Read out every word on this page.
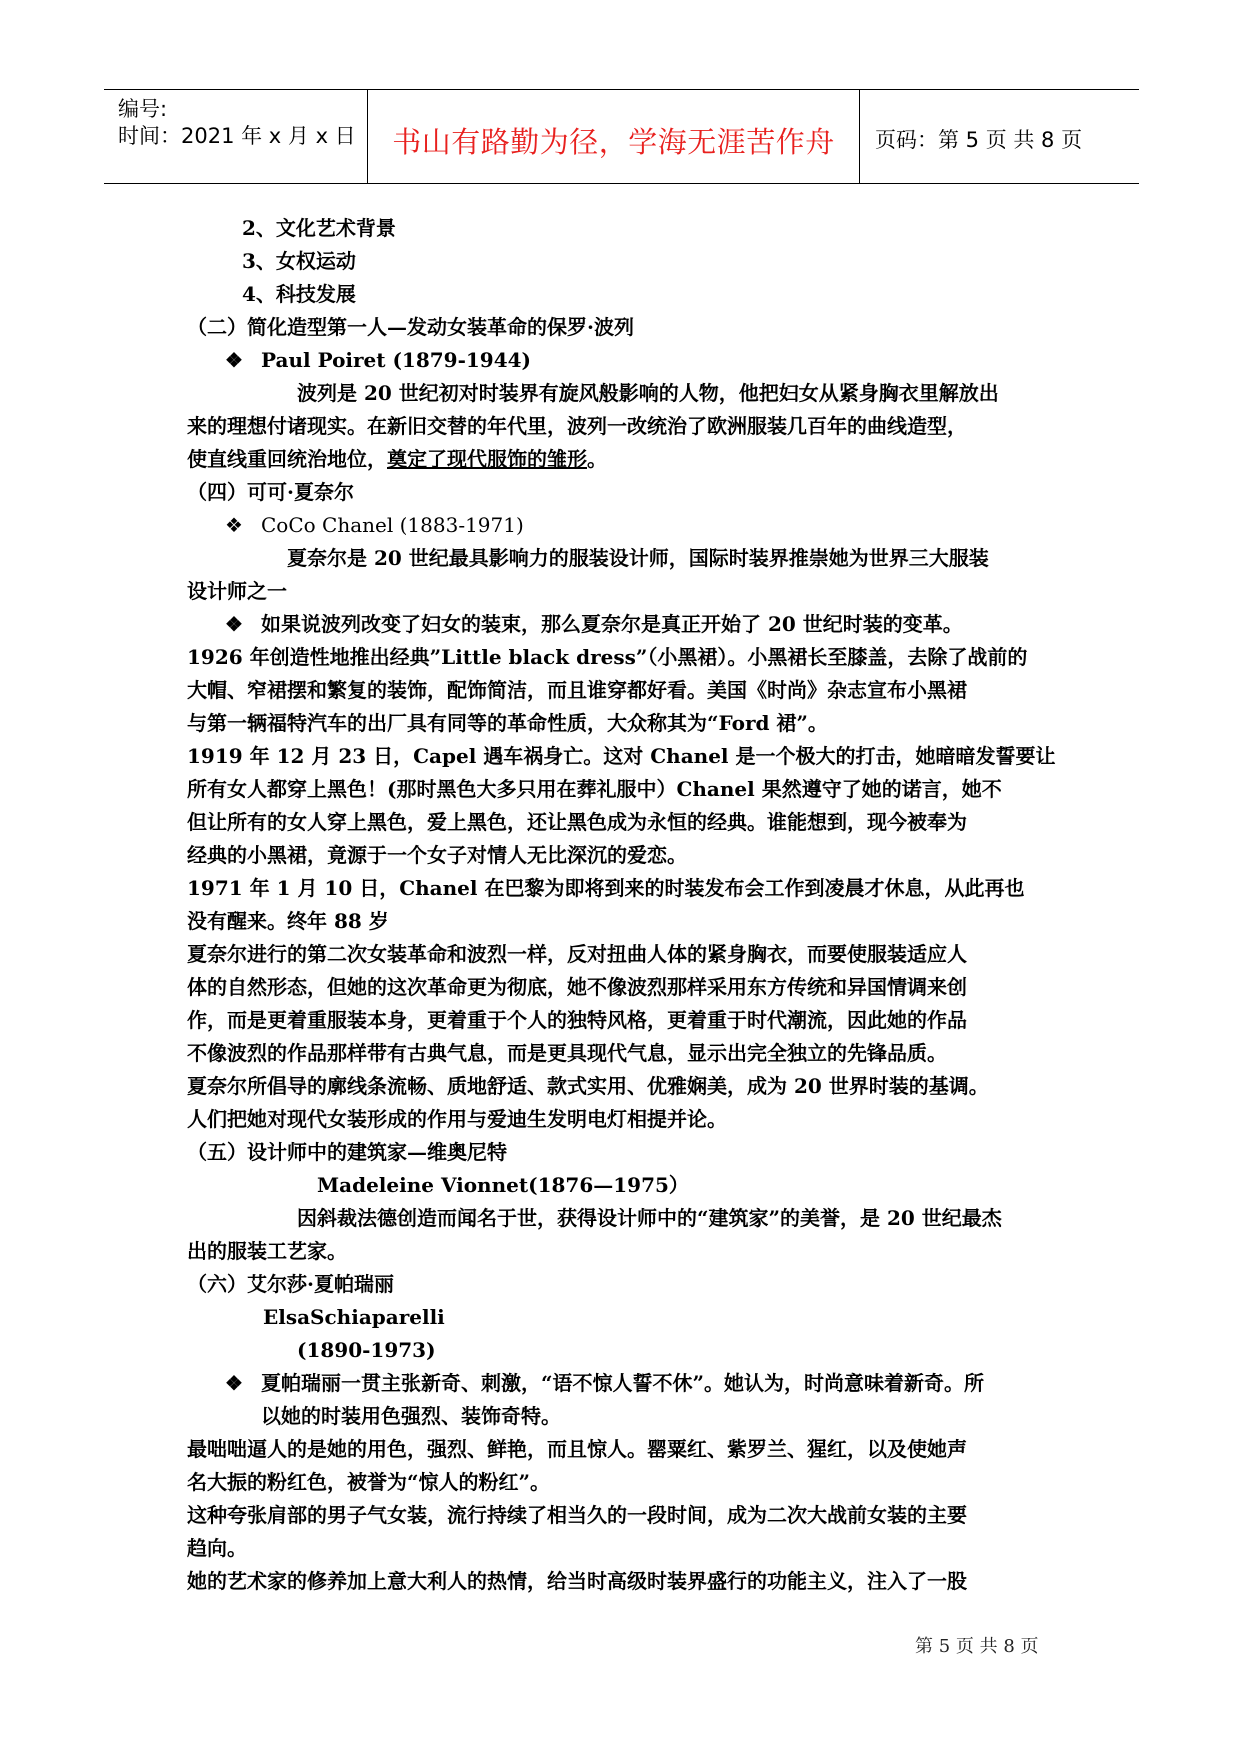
编号:
时间：2021 年 x 月 x 日	书山有路勤为径，学海无涯苦作舟	页码：第 5 页 共 8 页
2、文化艺术背景
3、女权运动
4、科技发展
（二）简化造型第一人—发动女装革命的保罗·波列
❖ Paul Poiret (1879-1944)
波列是 20 世纪初对时装界有旋风般影响的人物，他把妇女从紧身胸衣里解放出
来的理想付诸现实。在新旧交替的年代里，波列一改统治了欧洲服装几百年的曲线造型，
使直线重回统治地位，奠定了现代服饰的雏形。
（四）可可·夏奈尔
❖ CoCo Chanel (1883-1971)
夏奈尔是 20 世纪最具影响力的服装设计师，国际时装界推崇她为世界三大服装
设计师之一
❖ 如果说波列改变了妇女的装束，那么夏奈尔是真正开始了 20 世纪时装的变革。
1926 年创造性地推出经典”Little black dress”（小黑裙）。小黑裙长至膝盖，去除了战前的
大帽、窄裙摆和繁复的装饰，配饰简洁，而且谁穿都好看。美国《时尚》杂志宣布小黑裙
与第一辆福特汽车的出厂具有同等的革命性质，大众称其为“Ford 裙”。
1919 年 12 月 23 日，Capel 遇车祸身亡。这对 Chanel 是一个极大的打击，她暗暗发誓要让
所有女人都穿上黑色！(那时黑色大多只用在葬礼服中）Chanel 果然遵守了她的诺言，她不
但让所有的女人穿上黑色，爱上黑色，还让黑色成为永恒的经典。谁能想到，现今被奉为
经典的小黑裙，竟源于一个女子对情人无比深沉的爱恋。
1971 年 1 月 10 日，Chanel 在巴黎为即将到来的时装发布会工作到凌晨才休息，从此再也
没有醒来。终年 88 岁
夏奈尔进行的第二次女装革命和波烈一样，反对扭曲人体的紧身胸衣，而要使服装适应人
体的自然形态，但她的这次革命更为彻底，她不像波烈那样采用东方传统和异国情调来创
作，而是更着重服装本身，更着重于个人的独特风格，更着重于时代潮流，因此她的作品
不像波烈的作品那样带有古典气息，而是更具现代气息，显示出完全独立的先锋品质。
夏奈尔所倡导的廓线条流畅、质地舒适、款式实用、优雅娴美，成为 20 世界时装的基调。
人们把她对现代女装形成的作用与爱迪生发明电灯相提并论。
（五）设计师中的建筑家—维奥尼特
Madeleine Vionnet(1876—1975）
因斜裁法德创造而闻名于世，获得设计师中的“建筑家”的美誉，是 20 世纪最杰
出的服装工艺家。
（六）艾尔莎·夏帕瑞丽
ElsaSchiaparelli
(1890-1973)
❖ 夏帕瑞丽一贯主张新奇、刺激，“语不惊人誓不休”。她认为，时尚意味着新奇。所
以她的时装用色强烈、装饰奇特。
最咄咄逼人的是她的用色，强烈、鲜艳，而且惊人。罂粟红、紫罗兰、猩红，以及使她声
名大振的粉红色，被誉为“惊人的粉红”。
这种夸张肩部的男子气女装，流行持续了相当久的一段时间，成为二次大战前女装的主要
趋向。
她的艺术家的修养加上意大利人的热情，给当时高级时装界盛行的功能主义，注入了一股
第 5 页 共 8 页
